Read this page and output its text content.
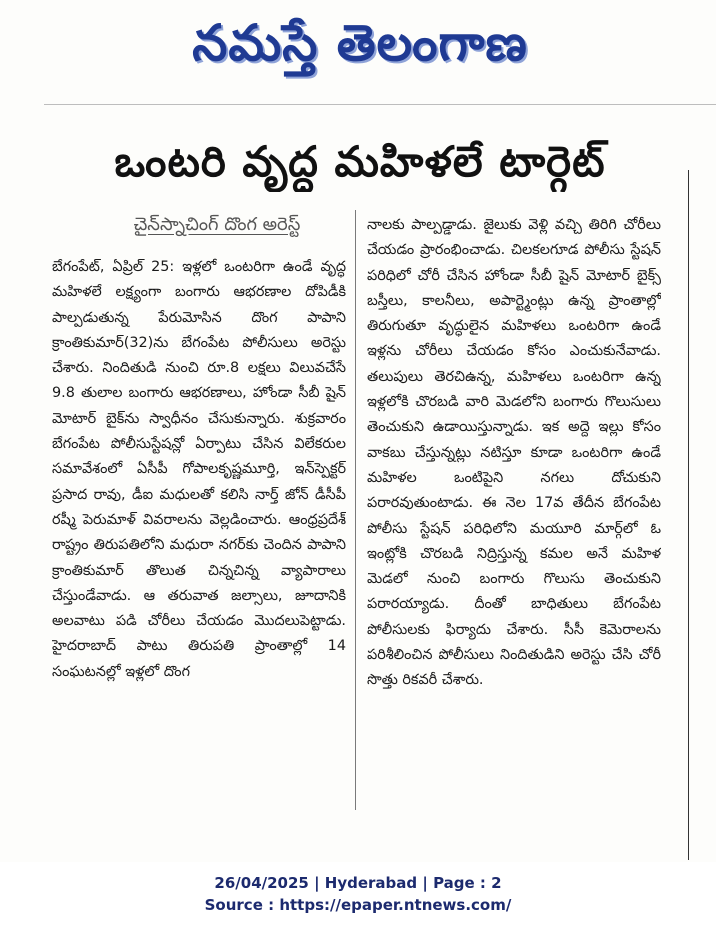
నమస్తే తెలంగాణ
ఒంటరి వృద్ధ మహిళలే టార్గెట్
చైన్‌స్నాచింగ్ దొంగ అరెస్ట్
బేగంపేట్, ఏప్రిల్ 25: ఇళ్లలో ఒంటరిగా ఉండే వృద్ధ మహిళలే లక్ష్యంగా బంగారు ఆభరణాల దోపిడీకి పాల్పడుతున్న పేరుమోసిన దొంగ పాపాని క్రాంతికుమార్(32)ను బేగంపేట పోలీసులు అరెస్టు చేశారు. నిందితుడి నుంచి రూ.8 లక్షలు విలువచేసే 9.8 తులాల బంగారు ఆభరణాలు, హోండా సీబీ షైన్ మోటార్ బైక్‌ను స్వాధీనం చేసుకున్నారు. శుక్రవారం బేగంపేట పోలీసుస్టేషన్లో ఏర్పాటు చేసిన విలేకరుల సమావేశంలో ఏసీపీ గోపాలకృష్ణమూర్తి, ఇన్‌స్పెక్టర్ ప్రసాద రావు, డీఐ మధులతో కలిసి నార్త్ జోన్ డీసీపీ రష్మీ పెరుమాళ్ వివరాలను వెల్లడించారు. ఆంధ్రప్రదేశ్ రాష్ట్రం తిరుపతిలోని మధురా నగర్‌కు చెందిన పాపాని క్రాంతికుమార్ తొలుత చిన్నచిన్న వ్యాపారాలు చేస్తుండేవాడు. ఆ తరువాత జల్సాలు, జూదానికి అలవాటు పడి చోరీలు చేయడం మొదలుపెట్టాడు. హైదరాబాద్ పాటు తిరుపతి ప్రాంతాల్లో 14 సంఘటనల్లో ఇళ్లలో దొంగ
నాలకు పాల్పడ్డాడు. జైలుకు వెళ్లి వచ్చి తిరిగి చోరీలు చేయడం ప్రారంభించాడు. చిలకలగూడ పోలీసు స్టేషన్ పరిధిలో చోరీ చేసిన హోండా సీబీ షైన్ మోటార్ బైక్స్ బస్తీలు, కాలనీలు, అపార్ట్మెంట్లు ఉన్న ప్రాంతాల్లో తిరుగుతూ వృద్ధులైన మహిళలు ఒంటరిగా ఉండే ఇళ్లను చోరీలు చేయడం కోసం ఎంచుకునేవాడు. తలుపులు తెరచిఉన్న, మహిళలు ఒంటరిగా ఉన్న ఇళ్లలోకి చొరబడి వారి మెడలోని బంగారు గొలుసులు తెంచుకుని ఉడాయిస్తున్నాడు. ఇక అద్దె ఇల్లు కోసం వాకబు చేస్తున్నట్లు నటిస్తూ కూడా ఒంటరిగా ఉండే మహిళల ఒంటిపైని నగలు దోచుకుని పరారవుతుంటాడు. ఈ నెల 17వ తేదీన బేగంపేట పోలీసు స్టేషన్ పరిధిలోని మయూరి మార్గ్‌లో ఓ ఇంట్లోకి చొరబడి నిద్రిస్తున్న కమల అనే మహిళ మెడలో నుంచి బంగారు గొలుసు తెంచుకుని పరారయ్యాడు. దీంతో బాధితులు బేగంపేట పోలీసులకు ఫిర్యాదు చేశారు. సీసీ కెమెరాలను పరిశీలించిన పోలీసులు నిందితుడిని అరెస్టు చేసి చోరీ సొత్తు రికవరీ చేశారు.
26/04/2025 | Hyderabad | Page : 2
Source : https://epaper.ntnews.com/
